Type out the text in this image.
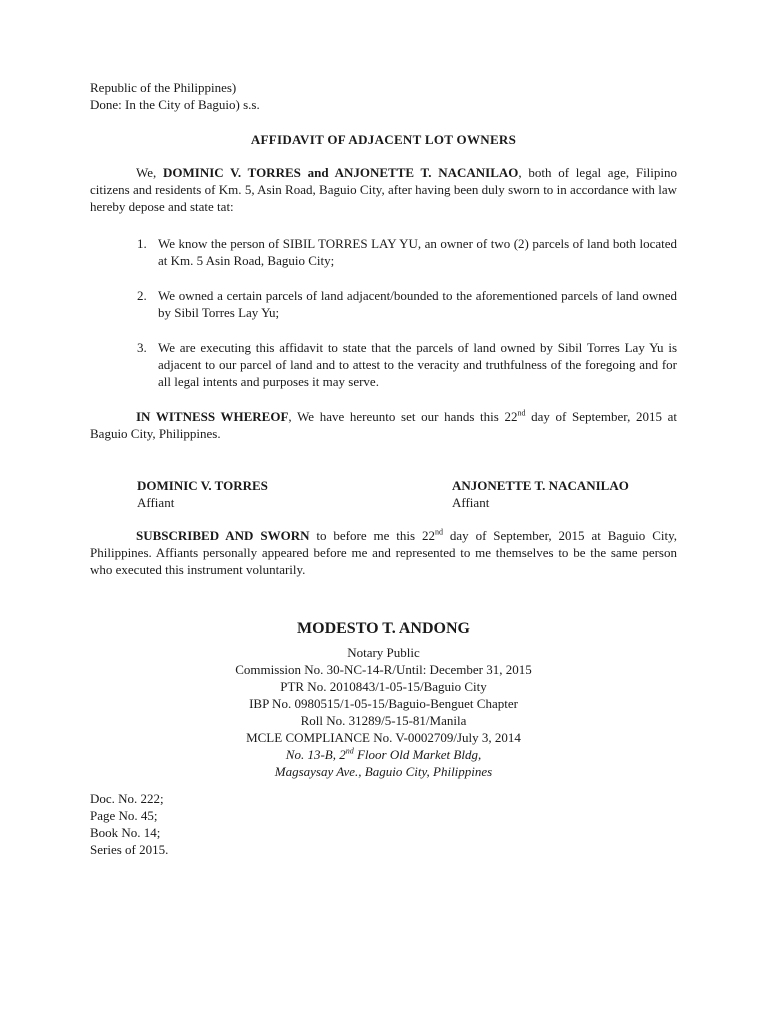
Republic of the Philippines)
Done: In the City of Baguio) s.s.
AFFIDAVIT OF ADJACENT LOT OWNERS
We, DOMINIC V. TORRES and ANJONETTE T. NACANILAO, both of legal age, Filipino citizens and residents of Km. 5, Asin Road, Baguio City, after having been duly sworn to in accordance with law hereby depose and state tat:
1. We know the person of SIBIL TORRES LAY YU, an owner of two (2) parcels of land both located at Km. 5 Asin Road, Baguio City;
2. We owned a certain parcels of land adjacent/bounded to the aforementioned parcels of land owned by Sibil Torres Lay Yu;
3. We are executing this affidavit to state that the parcels of land owned by Sibil Torres Lay Yu is adjacent to our parcel of land and to attest to the veracity and truthfulness of the foregoing and for all legal intents and purposes it may serve.
IN WITNESS WHEREOF, We have hereunto set our hands this 22nd day of September, 2015 at Baguio City, Philippines.
DOMINIC V. TORRES
Affiant
ANJONETTE T. NACANILAO
Affiant
SUBSCRIBED AND SWORN to before me this 22nd day of September, 2015 at Baguio City, Philippines. Affiants personally appeared before me and represented to me themselves to be the same person who executed this instrument voluntarily.
MODESTO T. ANDONG
Notary Public
Commission No. 30-NC-14-R/Until: December 31, 2015
PTR No. 2010843/1-05-15/Baguio City
IBP No. 0980515/1-05-15/Baguio-Benguet Chapter
Roll No. 31289/5-15-81/Manila
MCLE COMPLIANCE No. V-0002709/July 3, 2014
No. 13-B, 2nd Floor Old Market Bldg,
Magsaysay Ave., Baguio City, Philippines
Doc. No. 222;
Page No. 45;
Book No. 14;
Series of 2015.
